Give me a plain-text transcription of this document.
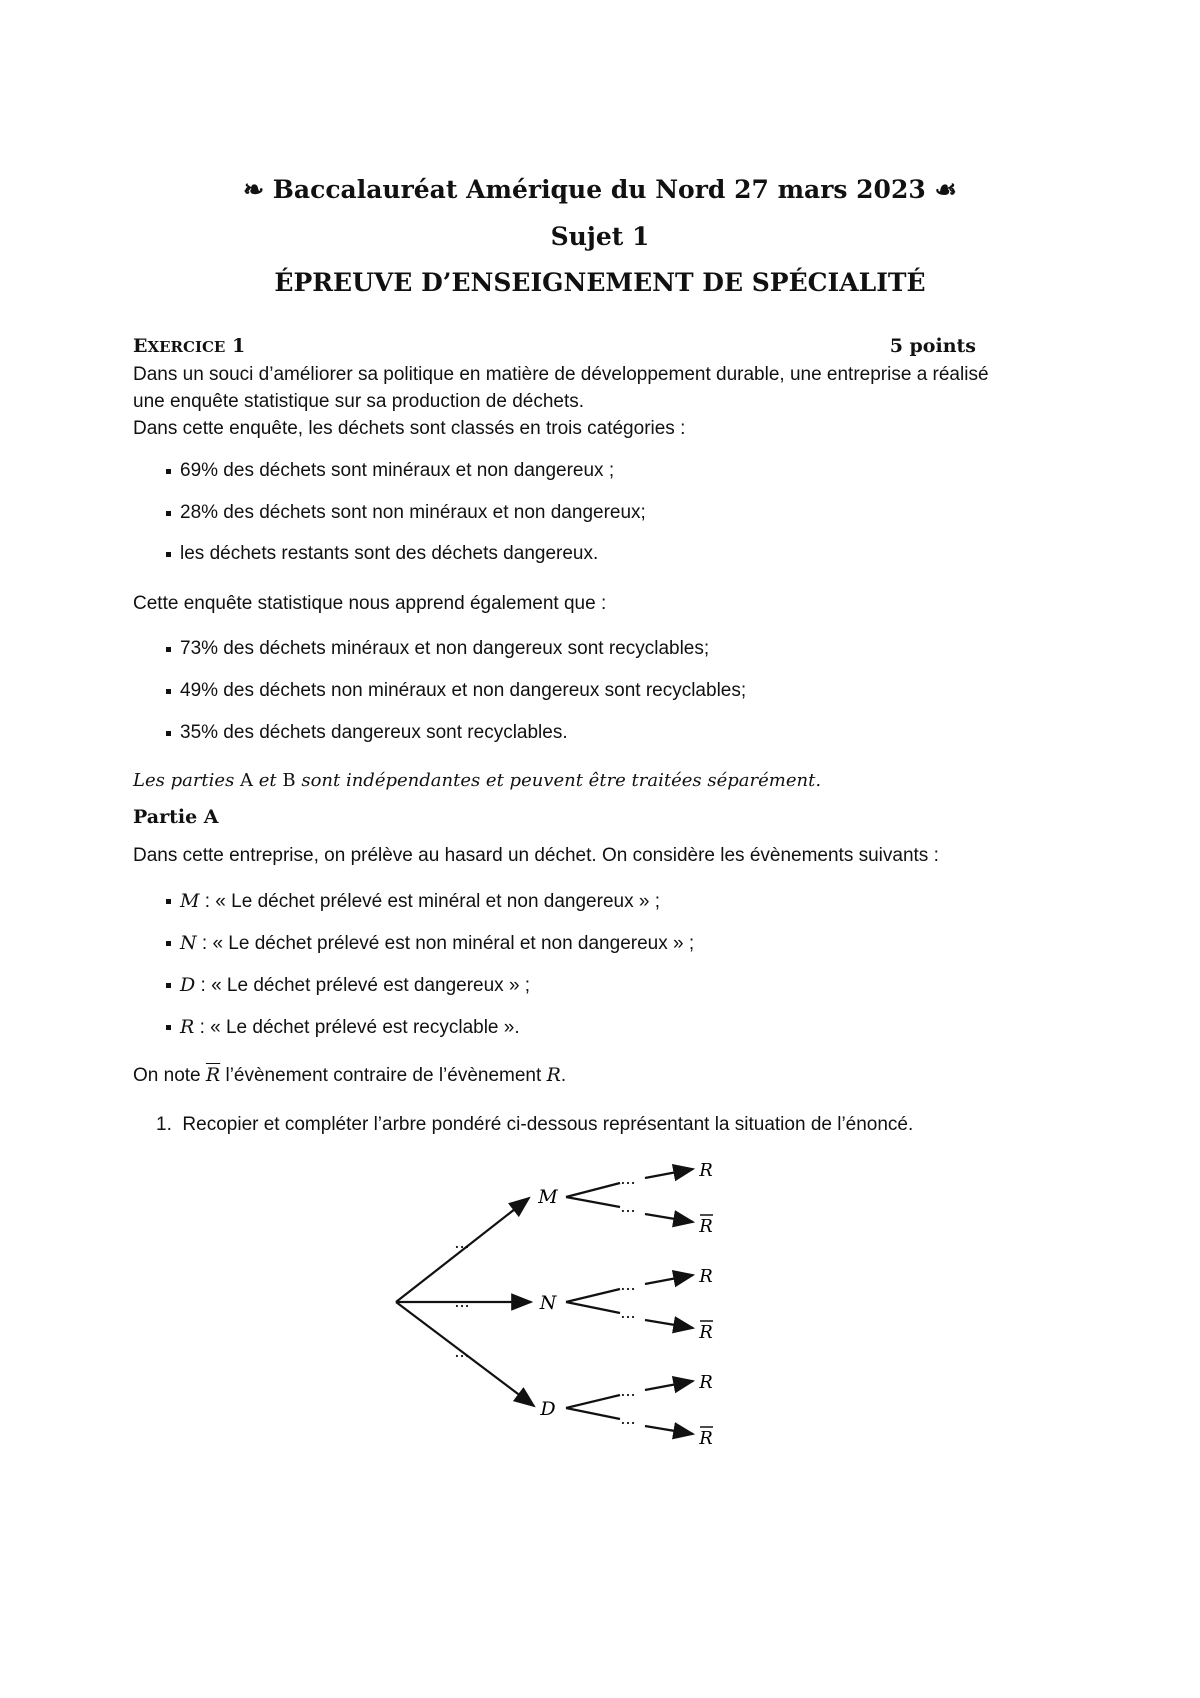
❧ Baccalauréat Amérique du Nord 27 mars 2023 ☙
Sujet 1
ÉPREUVE D’ENSEIGNEMENT DE SPÉCIALITÉ
EXERCICE 1	5 points
Dans un souci d’améliorer sa politique en matière de développement durable, une entreprise a réalisé
une enquête statistique sur sa production de déchets.
Dans cette enquête, les déchets sont classés en trois catégories :
69% des déchets sont minéraux et non dangereux ;
28% des déchets sont non minéraux et non dangereux;
les déchets restants sont des déchets dangereux.
Cette enquête statistique nous apprend également que :
73% des déchets minéraux et non dangereux sont recyclables;
49% des déchets non minéraux et non dangereux sont recyclables;
35% des déchets dangereux sont recyclables.
Les parties A et B sont indépendantes et peuvent être traitées séparément.
Partie A
Dans cette entreprise, on prélève au hasard un déchet. On considère les évènements suivants :
M : « Le déchet prélevé est minéral et non dangereux » ;
N : « Le déchet prélevé est non minéral et non dangereux » ;
D : « Le déchet prélevé est dangereux » ;
R : « Le déchet prélevé est recyclable ».
On note $\overline{R}$ l’évènement contraire de l’évènement R.
1. Recopier et compléter l’arbre pondéré ci-dessous représentant la situation de l’énoncé.
...
...
...
M
N
D
...
...
...
...
...
...
R
R
R
R
R
R
